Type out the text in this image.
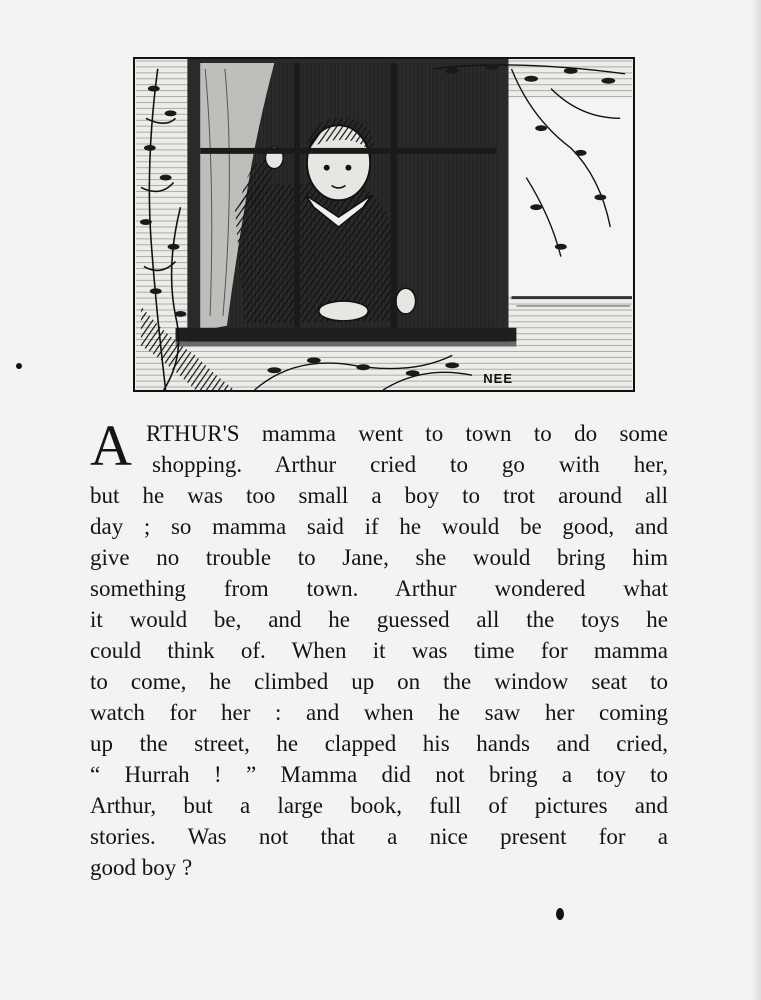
NEE
A RTHUR'S mamma went to town to do some
shopping. Arthur cried to go with her,
but he was too small a boy to trot around all
day ; so mamma said if he would be good, and
give no trouble to Jane, she would bring him
something from town. Arthur wondered what
it would be, and he guessed all the toys he
could think of. When it was time for mamma
to come, he climbed up on the window seat to
watch for her : and when he saw her coming
up the street, he clapped his hands and cried,
“ Hurrah ! ” Mamma did not bring a toy to
Arthur, but a large book, full of pictures and
stories. Was not that a nice present for a
good boy ?
